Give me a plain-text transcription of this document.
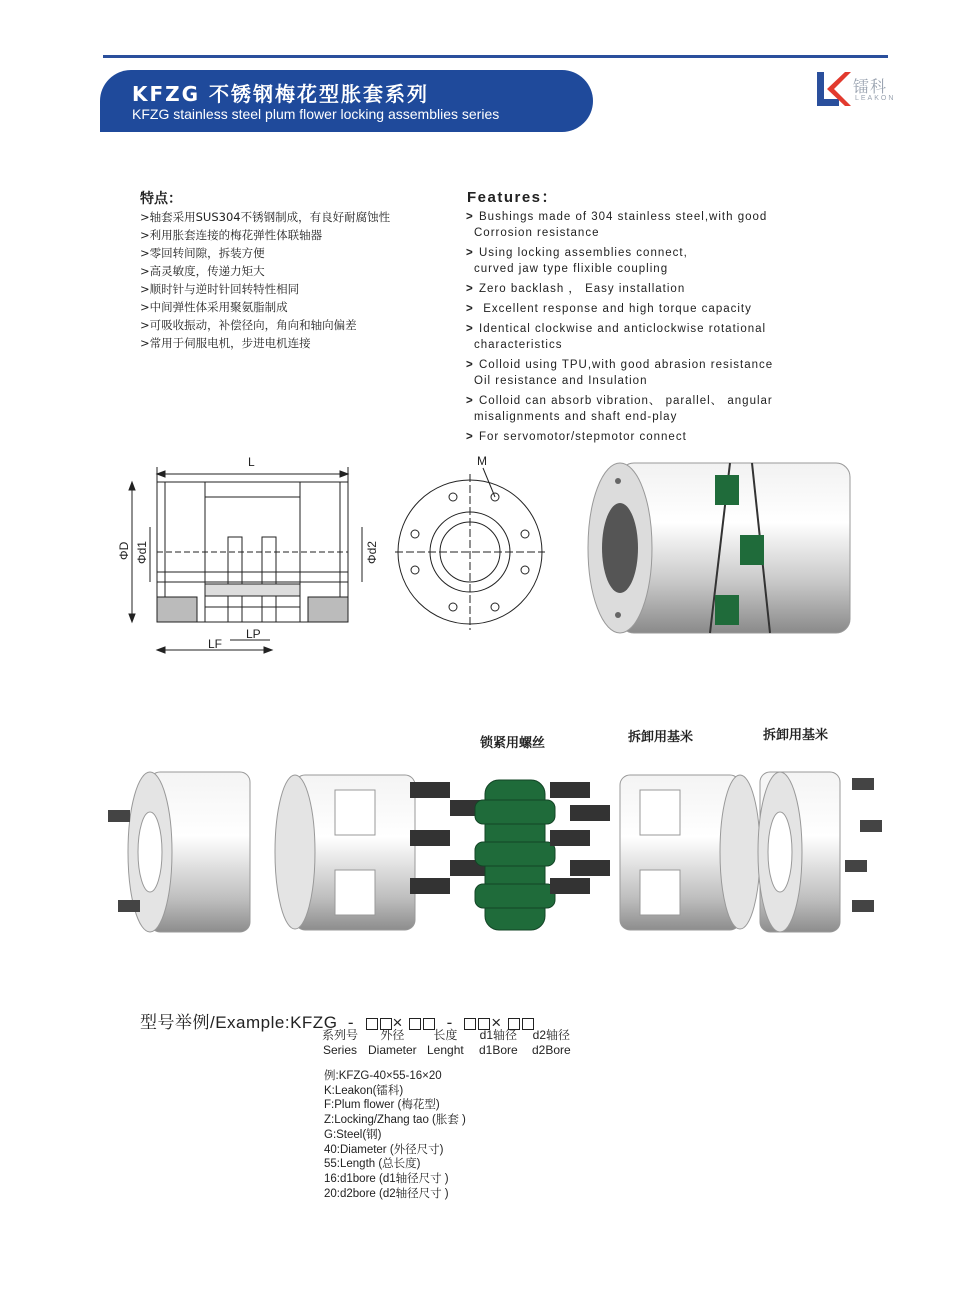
KFZG 不锈钢梅花型胀套系列
KFZG stainless steel plum flower locking assemblies series
镭科
LEAKON
特点：
>轴套采用SUS304不锈钢制成，有良好耐腐蚀性
>利用胀套连接的梅花弹性体联轴器
>零回转间隙，拆装方便
>高灵敏度，传递力矩大
>顺时针与逆时针回转特性相同
>中间弹性体采用聚氨脂制成
>可吸收振动，补偿径向，角向和轴向偏差
>常用于伺服电机，步进电机连接
Features：
> Bushings made of 304 stainless steel,with good
Corrosion resistance
> Using locking assemblies connect,
curved jaw type flixible coupling
> Zero backlash ， Easy installation
> Excellent response and high torque capacity
> Identical clockwise and anticlockwise rotational
characteristics
> Colloid using TPU,with good abrasion resistance
Oil resistance and Insulation
> Colloid can absorb vibration、 parallel、 angular
misalignments and shaft end-play
> For servomotor/stepmotor connect
L
ΦD Φd1	Φd2
LP
LF
M
锁紧用螺丝	拆卸用基米	拆卸用基米
型号举例/Example:KFZG - ×	- ×
系列号
Series
外径
Diameter
长度
Lenght
d1轴径
d1Bore
d2轴径
d2Bore
例:KFZG-40×55-16×20
K:Leakon(镭科)
F:Plum flower (梅花型)
Z:Locking/Zhang tao (胀套 )
G:Steel(钢)
40:Diameter (外径尺寸)
55:Length (总长度)
16:d1bore (d1轴径尺寸 )
20:d2bore (d2轴径尺寸 )
